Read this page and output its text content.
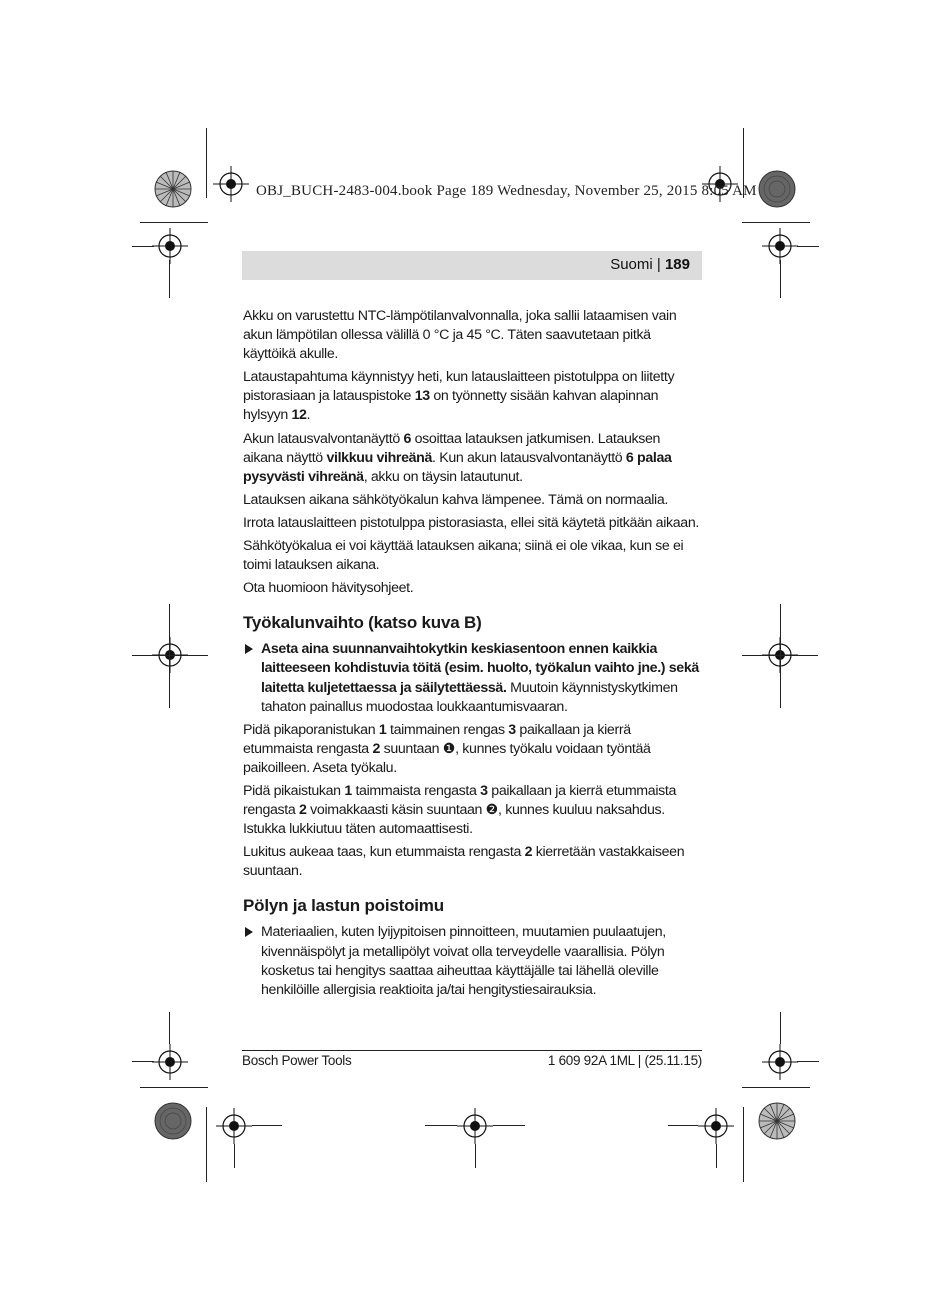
OBJ_BUCH-2483-004.book Page 189 Wednesday, November 25, 2015 8:05 AM
Suomi | 189

Akku on varustettu NTC-lämpötilanvalvonnalla, joka sallii lataamisen vain akun lämpötilan ollessa välillä 0 °C ja 45 °C. Täten saavutetaan pitkä käyttöikä akulle.

Lataustapahtuma käynnistyy heti, kun latauslaitteen pistotulppa on liitetty pistorasiaan ja latauspistoke 13 on työnnetty sisään kahvan alapinnan hylsyyn 12.

Akun latausvalvontanäyttö 6 osoittaa latauksen jatkumisen. Latauksen aikana näyttö vilkkuu vihreänä. Kun akun latausvalvontanäyttö 6 palaa pysyvästi vihreänä, akku on täysin latautunut.

Latauksen aikana sähkötyökalun kahva lämpenee. Tämä on normaalia.

Irrota latauslaitteen pistotulppa pistorasiasta, ellei sitä käytetä pitkään aikaan.

Sähkötyökalua ei voi käyttää latauksen aikana; siinä ei ole vikaa, kun se ei toimi latauksen aikana.

Ota huomioon hävitysohjeet.

Työkalunvaihto (katso kuva B)
Aseta aina suunnanvaihtokytkin keskiasentoon ennen kaikkia laitteeseen kohdistuvia töitä (esim. huolto, työkalun vaihto jne.) sekä laitetta kuljetettaessa ja säilytettäessä. Muutoin käynnistyskytkimen tahaton painallus muodostaa loukkaantumisvaaran.

Pidä pikaporanistukan 1 taimmainen rengas 3 paikallaan ja kierrä etummaista rengasta 2 suuntaan ❶, kunnes työkalu voidaan työntää paikoilleen. Aseta työkalu.

Pidä pikaistukan 1 taimmaista rengasta 3 paikallaan ja kierrä etummaista rengasta 2 voimakkaasti käsin suuntaan ❷, kunnes kuuluu naksahdus. Istukka lukkiutuu täten automaattisesti.

Lukitus aukeaa taas, kun etummaista rengasta 2 kierretään vastakkaiseen suuntaan.

Pölyn ja lastun poistoimu
Materiaalien, kuten lyijypitoisen pinnoitteen, muutamien puulaatujen, kivennäispölyt ja metallipölyt voivat olla terveydelle vaarallisia. Pölyn kosketus tai hengitys saattaa aiheuttaa käyttäjälle tai lähellä oleville henkilöille allergisia reaktioita ja/tai hengitystiesairauksia.
Bosch Power Tools	1 609 92A 1ML | (25.11.15)
